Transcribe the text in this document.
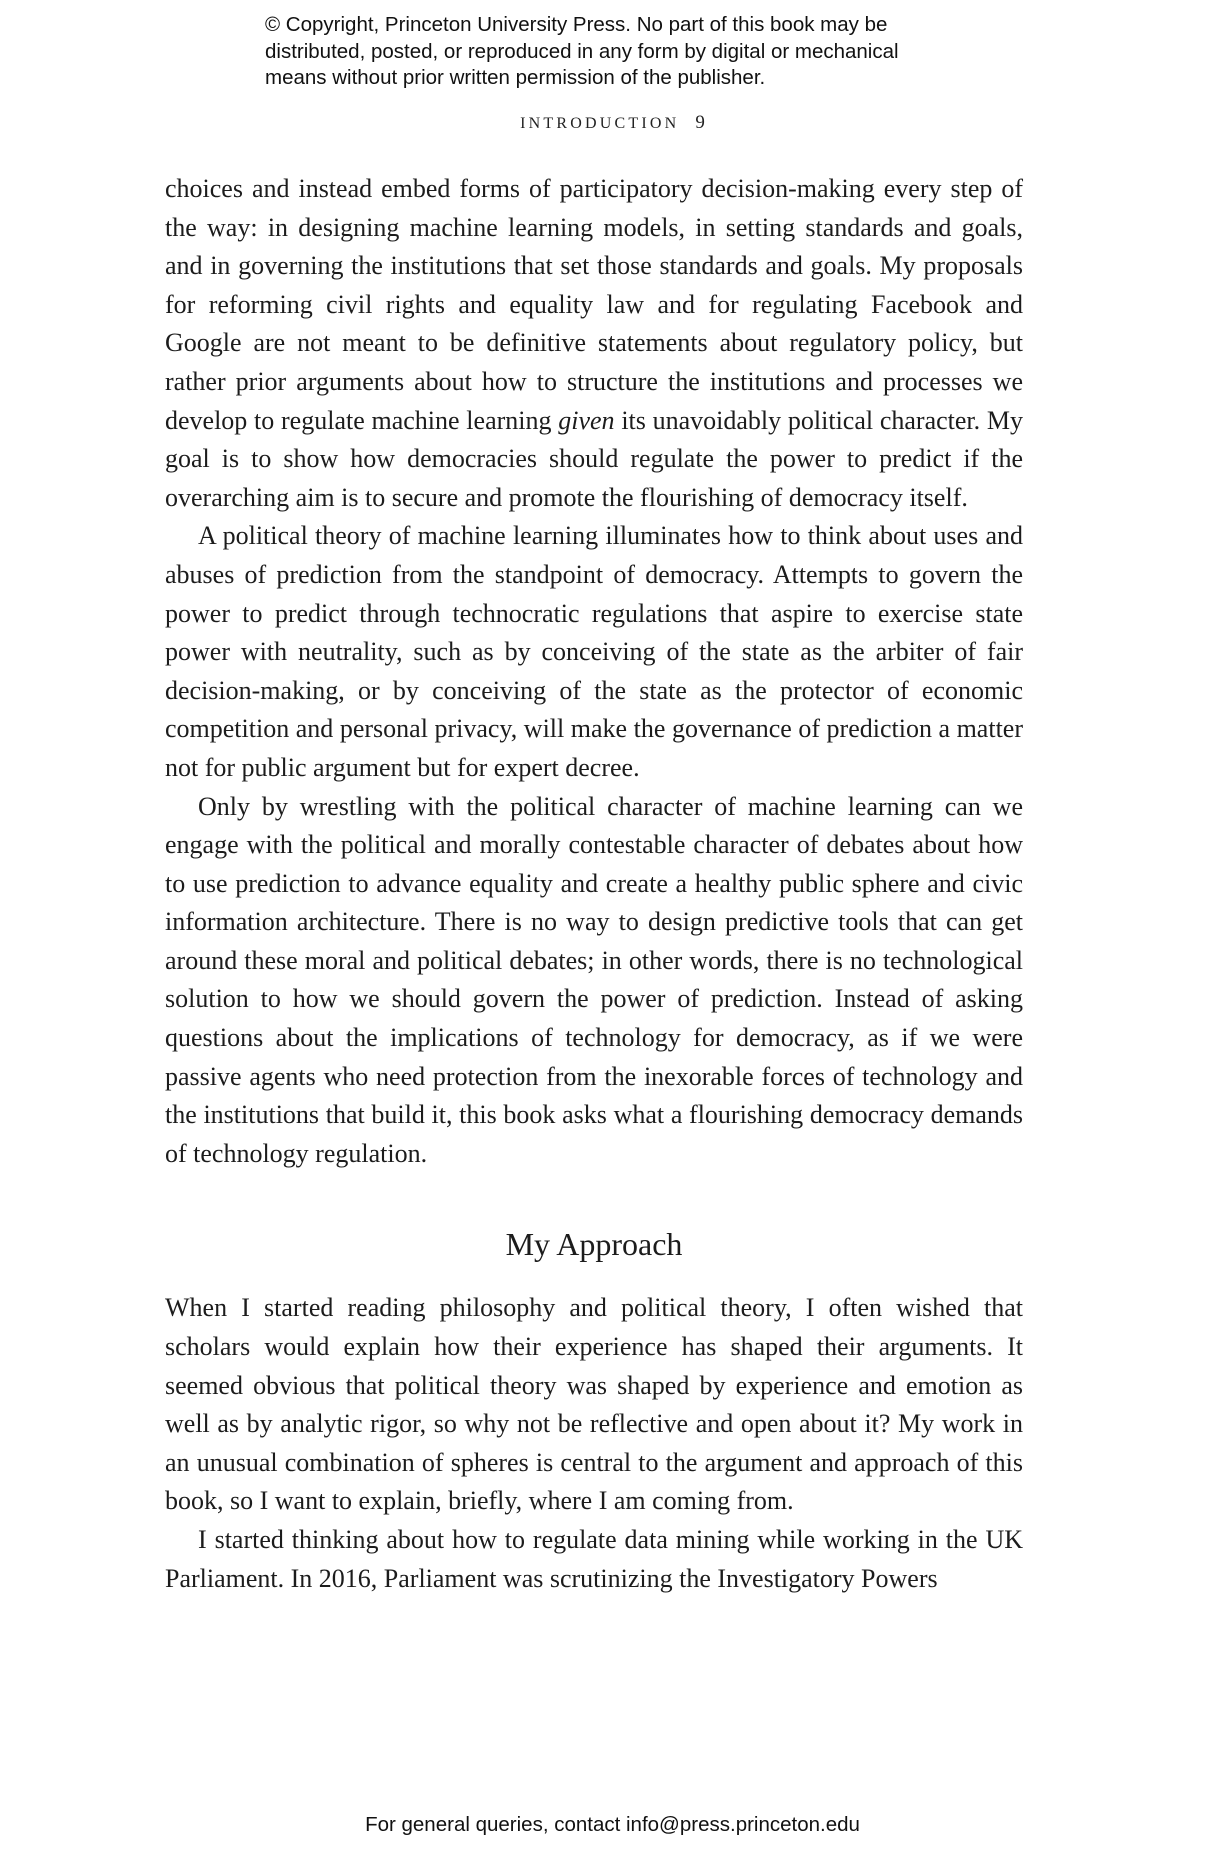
© Copyright, Princeton University Press. No part of this book may be
distributed, posted, or reproduced in any form by digital or mechanical
means without prior written permission of the publisher.
INTRODUCTION 9

choices and instead embed forms of participatory decision-making every step of the way: in designing machine learning models, in setting standards and goals, and in governing the institutions that set those standards and goals. My proposals for reforming civil rights and equality law and for regulating Facebook and Google are not meant to be definitive statements about regulatory policy, but rather prior arguments about how to structure the institutions and processes we develop to regulate machine learning given its unavoidably political character. My goal is to show how democracies should regulate the power to predict if the overarching aim is to secure and promote the flourishing of democracy itself.

A political theory of machine learning illuminates how to think about uses and abuses of prediction from the standpoint of democracy. Attempts to govern the power to predict through technocratic regulations that aspire to exercise state power with neutrality, such as by conceiving of the state as the arbiter of fair decision-making, or by conceiving of the state as the protector of economic competition and personal privacy, will make the governance of prediction a matter not for public argument but for expert decree.

Only by wrestling with the political character of machine learning can we engage with the political and morally contestable character of debates about how to use prediction to advance equality and create a healthy public sphere and civic information architecture. There is no way to design predictive tools that can get around these moral and political debates; in other words, there is no technological solution to how we should govern the power of prediction. Instead of asking questions about the implications of technology for democracy, as if we were passive agents who need protection from the inexorable forces of technology and the institutions that build it, this book asks what a flourishing democracy demands of technology regulation.

My Approach

When I started reading philosophy and political theory, I often wished that scholars would explain how their experience has shaped their arguments. It seemed obvious that political theory was shaped by experience and emotion as well as by analytic rigor, so why not be reflective and open about it? My work in an unusual combination of spheres is central to the argument and approach of this book, so I want to explain, briefly, where I am coming from.

I started thinking about how to regulate data mining while working in the UK Parliament. In 2016, Parliament was scrutinizing the Investigatory Powers

For general queries, contact info@press.princeton.edu
